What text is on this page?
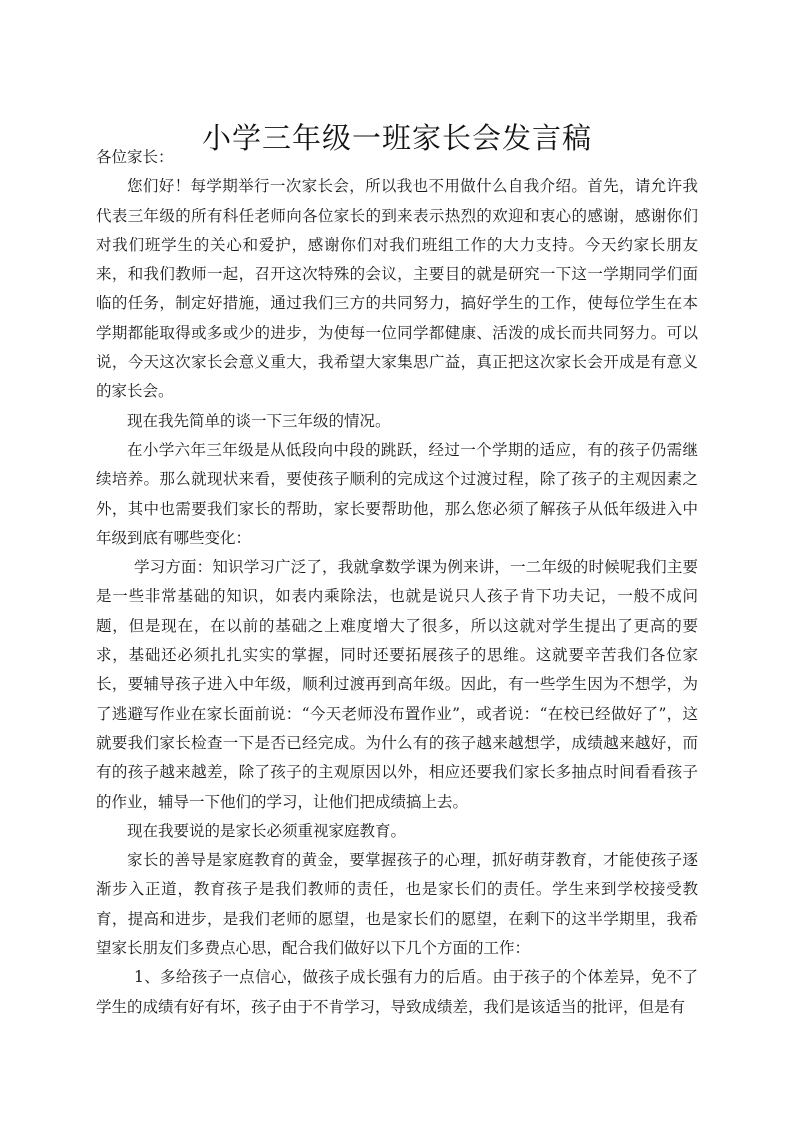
小学三年级一班家长会发言稿

各位家长：

您们好！每学期举行一次家长会，所以我也不用做什么自我介绍。首先，请允许我代表三年级的所有科任老师向各位家长的到来表示热烈的欢迎和衷心的感谢，感谢你们对我们班学生的关心和爱护，感谢你们对我们班组工作的大力支持。今天约家长朋友来，和我们教师一起，召开这次特殊的会议，主要目的就是研究一下这一学期同学们面临的任务，制定好措施，通过我们三方的共同努力，搞好学生的工作，使每位学生在本学期都能取得或多或少的进步，为使每一位同学都健康、活泼的成长而共同努力。可以说，今天这次家长会意义重大，我希望大家集思广益，真正把这次家长会开成是有意义的家长会。

现在我先简单的谈一下三年级的情况。

在小学六年三年级是从低段向中段的跳跃，经过一个学期的适应，有的孩子仍需继续培养。那么就现状来看，要使孩子顺利的完成这个过渡过程，除了孩子的主观因素之外，其中也需要我们家长的帮助，家长要帮助他，那么您必须了解孩子从低年级进入中年级到底有哪些变化：

学习方面：知识学习广泛了，我就拿数学课为例来讲，一二年级的时候呢我们主要是一些非常基础的知识，如表内乘除法，也就是说只人孩子肯下功夫记，一般不成问题，但是现在，在以前的基础之上难度增大了很多，所以这就对学生提出了更高的要求，基础还必须扎扎实实的掌握，同时还要拓展孩子的思维。这就要辛苦我们各位家长，要辅导孩子进入中年级，顺利过渡再到高年级。因此，有一些学生因为不想学，为了逃避写作业在家长面前说：“今天老师没布置作业”，或者说：“在校已经做好了”，这就要我们家长检查一下是否已经完成。为什么有的孩子越来越想学，成绩越来越好，而有的孩子越来越差，除了孩子的主观原因以外，相应还要我们家长多抽点时间看看孩子的作业，辅导一下他们的学习，让他们把成绩搞上去。

现在我要说的是家长必须重视家庭教育。

家长的善导是家庭教育的黄金，要掌握孩子的心理，抓好萌芽教育，才能使孩子逐渐步入正道，教育孩子是我们教师的责任，也是家长们的责任。学生来到学校接受教育，提高和进步，是我们老师的愿望，也是家长们的愿望，在剩下的这半学期里，我希望家长朋友们多费点心思，配合我们做好以下几个方面的工作：

1、多给孩子一点信心，做孩子成长强有力的后盾。由于孩子的个体差异，免不了学生的成绩有好有坏，孩子由于不肯学习，导致成绩差，我们是该适当的批评，但是有
